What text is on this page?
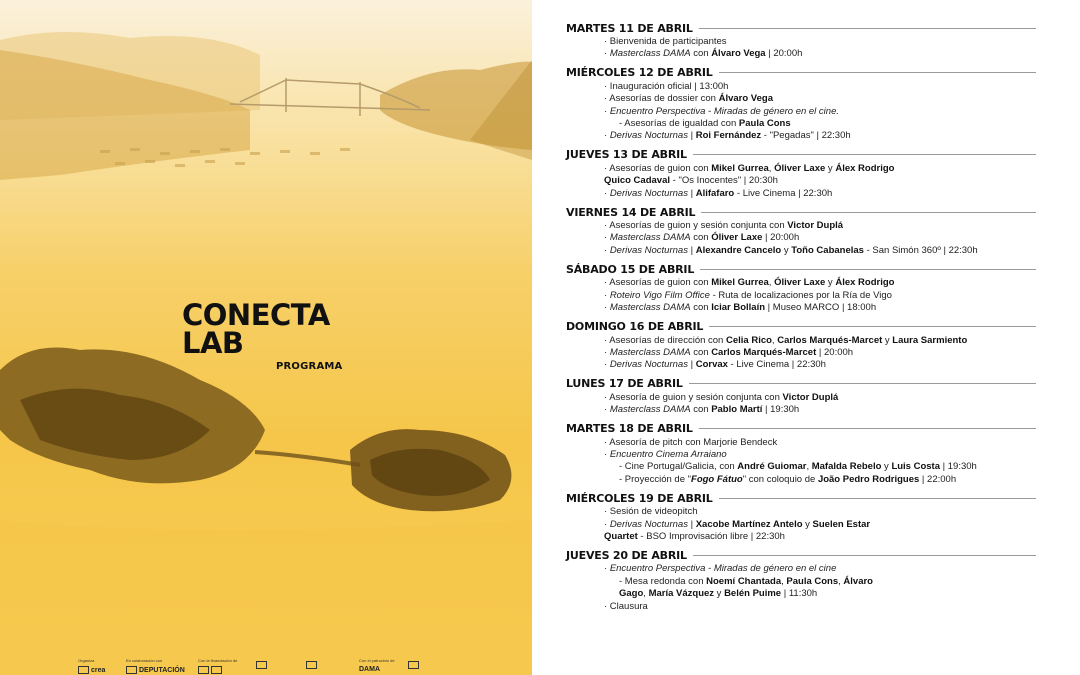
CONECTA
LAB
PROGRAMA
Organiza
crea
En colaboración con
DEPUTACIÓN
Con la financiación de	Con el patrocinio de
DAMA
MARTES 11 DE ABRIL
· Bienvenida de participantes
· Masterclass DAMA con Álvaro Vega | 20:00h
MIÉRCOLES 12 DE ABRIL
· Inauguración oficial | 13:00h
· Asesorías de dossier con Álvaro Vega
· Encuentro Perspectiva - Miradas de género en el cine.
- Asesorías de igualdad con Paula Cons
· Derivas Nocturnas | Roi Fernández - "Pegadas" | 22:30h
JUEVES 13 DE ABRIL
· Asesorías de guion con Mikel Gurrea, Óliver Laxe y Álex Rodrigo
Quico Cadaval - "Os Inocentes" | 20:30h
· Derivas Nocturnas | Alifafaro - Live Cinema | 22:30h
VIERNES 14 DE ABRIL
· Asesorías de guion y sesión conjunta con Victor Duplá
· Masterclass DAMA con Óliver Laxe | 20:00h
· Derivas Nocturnas | Alexandre Cancelo y Toño Cabanelas - San Simón 360º | 22:30h
SÁBADO 15 DE ABRIL
· Asesorías de guion con Mikel Gurrea, Óliver Laxe y Álex Rodrigo
· Roteiro Vigo Film Office - Ruta de localizaciones por la Ría de Vigo
· Masterclass DAMA con Iciar Bollaín | Museo MARCO | 18:00h
DOMINGO 16 DE ABRIL
· Asesorías de dirección con Celia Rico, Carlos Marqués-Marcet y Laura Sarmiento
· Masterclass DAMA con Carlos Marqués-Marcet | 20:00h
· Derivas Nocturnas | Corvax - Live Cinema | 22:30h
LUNES 17 DE ABRIL
· Asesoría de guion y sesión conjunta con Victor Duplá
· Masterclass DAMA con Pablo Martí | 19:30h
MARTES 18 DE ABRIL
· Asesoría de pitch con Marjorie Bendeck
· Encuentro Cinema Arraiano
- Cine Portugal/Galicia, con André Guiomar, Mafalda Rebelo y Luis Costa | 19:30h
- Proyección de "Fogo Fátuo" con coloquio de João Pedro Rodrigues | 22:00h
MIÉRCOLES 19 DE ABRIL
· Sesión de videopitch
· Derivas Nocturnas | Xacobe Martínez Antelo y Suelen Estar
Quartet - BSO Improvisación libre | 22:30h
JUEVES 20 DE ABRIL
· Encuentro Perspectiva - Miradas de género en el cine
- Mesa redonda con Noemí Chantada, Paula Cons, Álvaro
Gago, María Vázquez y Belén Puime | 11:30h
· Clausura
